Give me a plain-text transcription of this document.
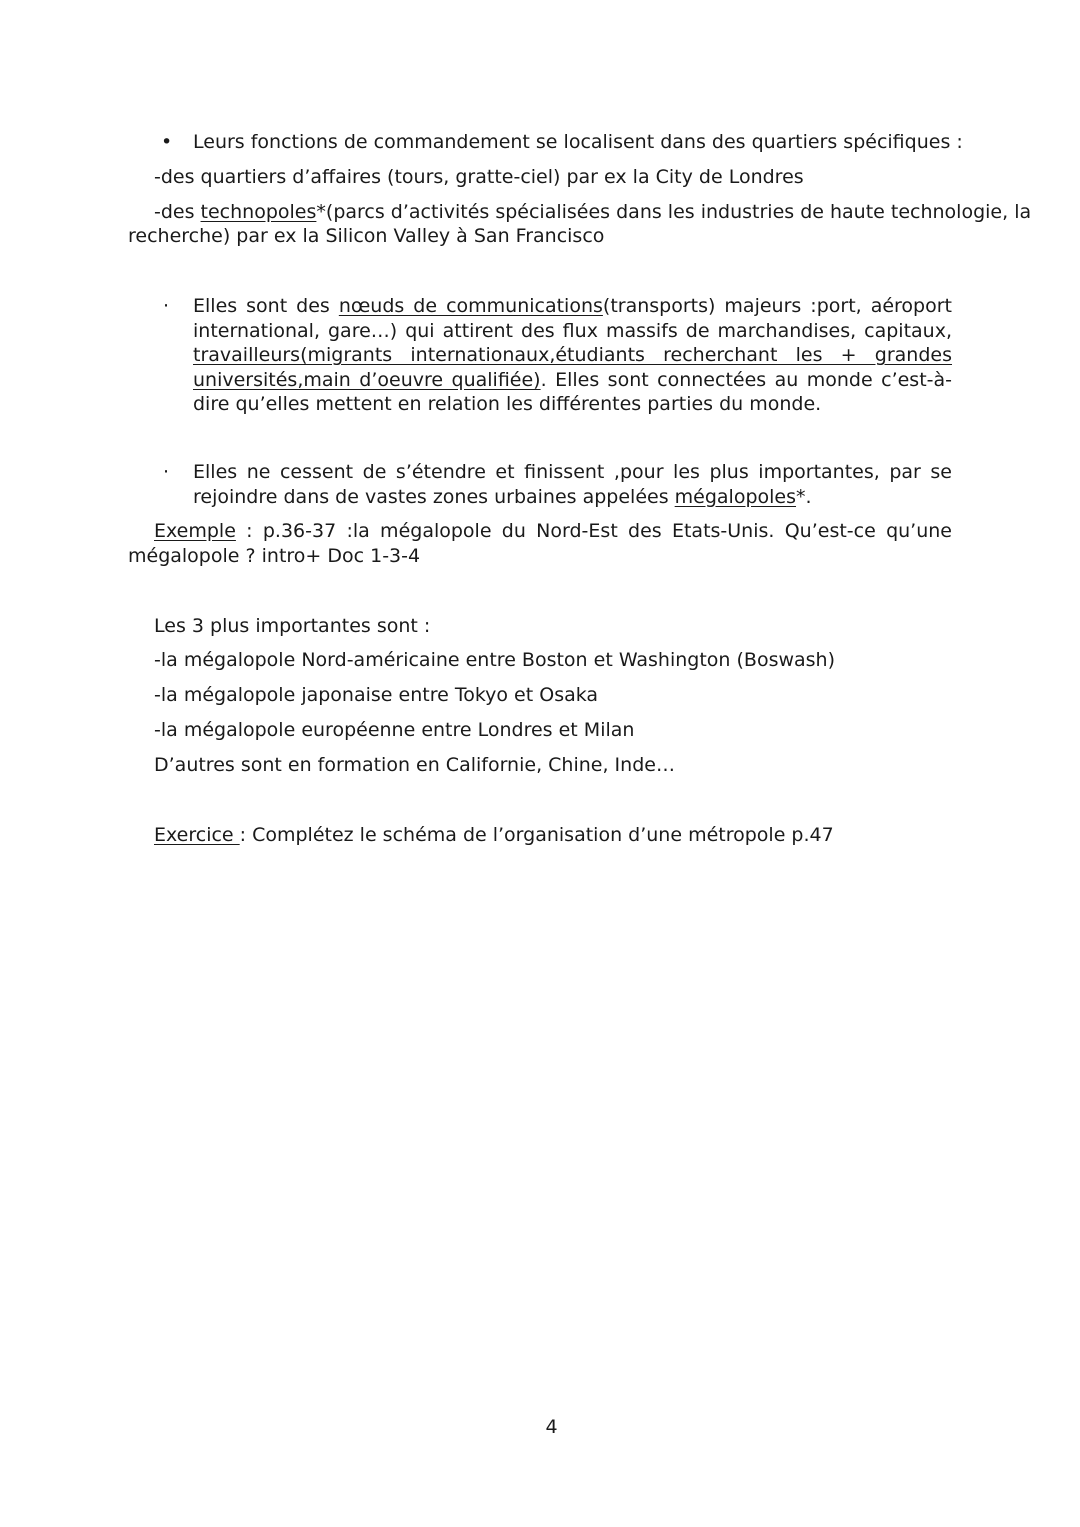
• Leurs fonctions de commandement se localisent dans des quartiers spécifiques :
-des quartiers d’affaires (tours, gratte-ciel) par ex la City de Londres
-des technopoles*(parcs d’activités spécialisées dans les industries de haute technologie, la
recherche) par ex la Silicon Valley à San Francisco
· Elles sont des nœuds de communications(transports) majeurs :port, aéroport international, gare…) qui attirent des flux massifs de marchandises, capitaux, travailleurs(migrants internationaux,étudiants recherchant les + grandes universités,main d’oeuvre qualifiée). Elles sont connectées au monde c’est-à-dire qu’elles mettent en relation les différentes parties du monde.
· Elles ne cessent de s’étendre et finissent ,pour les plus importantes, par se rejoindre dans de vastes zones urbaines appelées mégalopoles*.
Exemple : p.36-37 :la mégalopole du Nord-Est des Etats-Unis. Qu’est-ce qu’une mégalopole ? intro+ Doc 1-3-4
Les 3 plus importantes sont :
-la mégalopole Nord-américaine entre Boston et Washington (Boswash)
-la mégalopole japonaise entre Tokyo et Osaka
-la mégalopole européenne entre Londres et Milan
D’autres sont en formation en Californie, Chine, Inde…
Exercice : Complétez le schéma de l’organisation d’une métropole p.47
4
